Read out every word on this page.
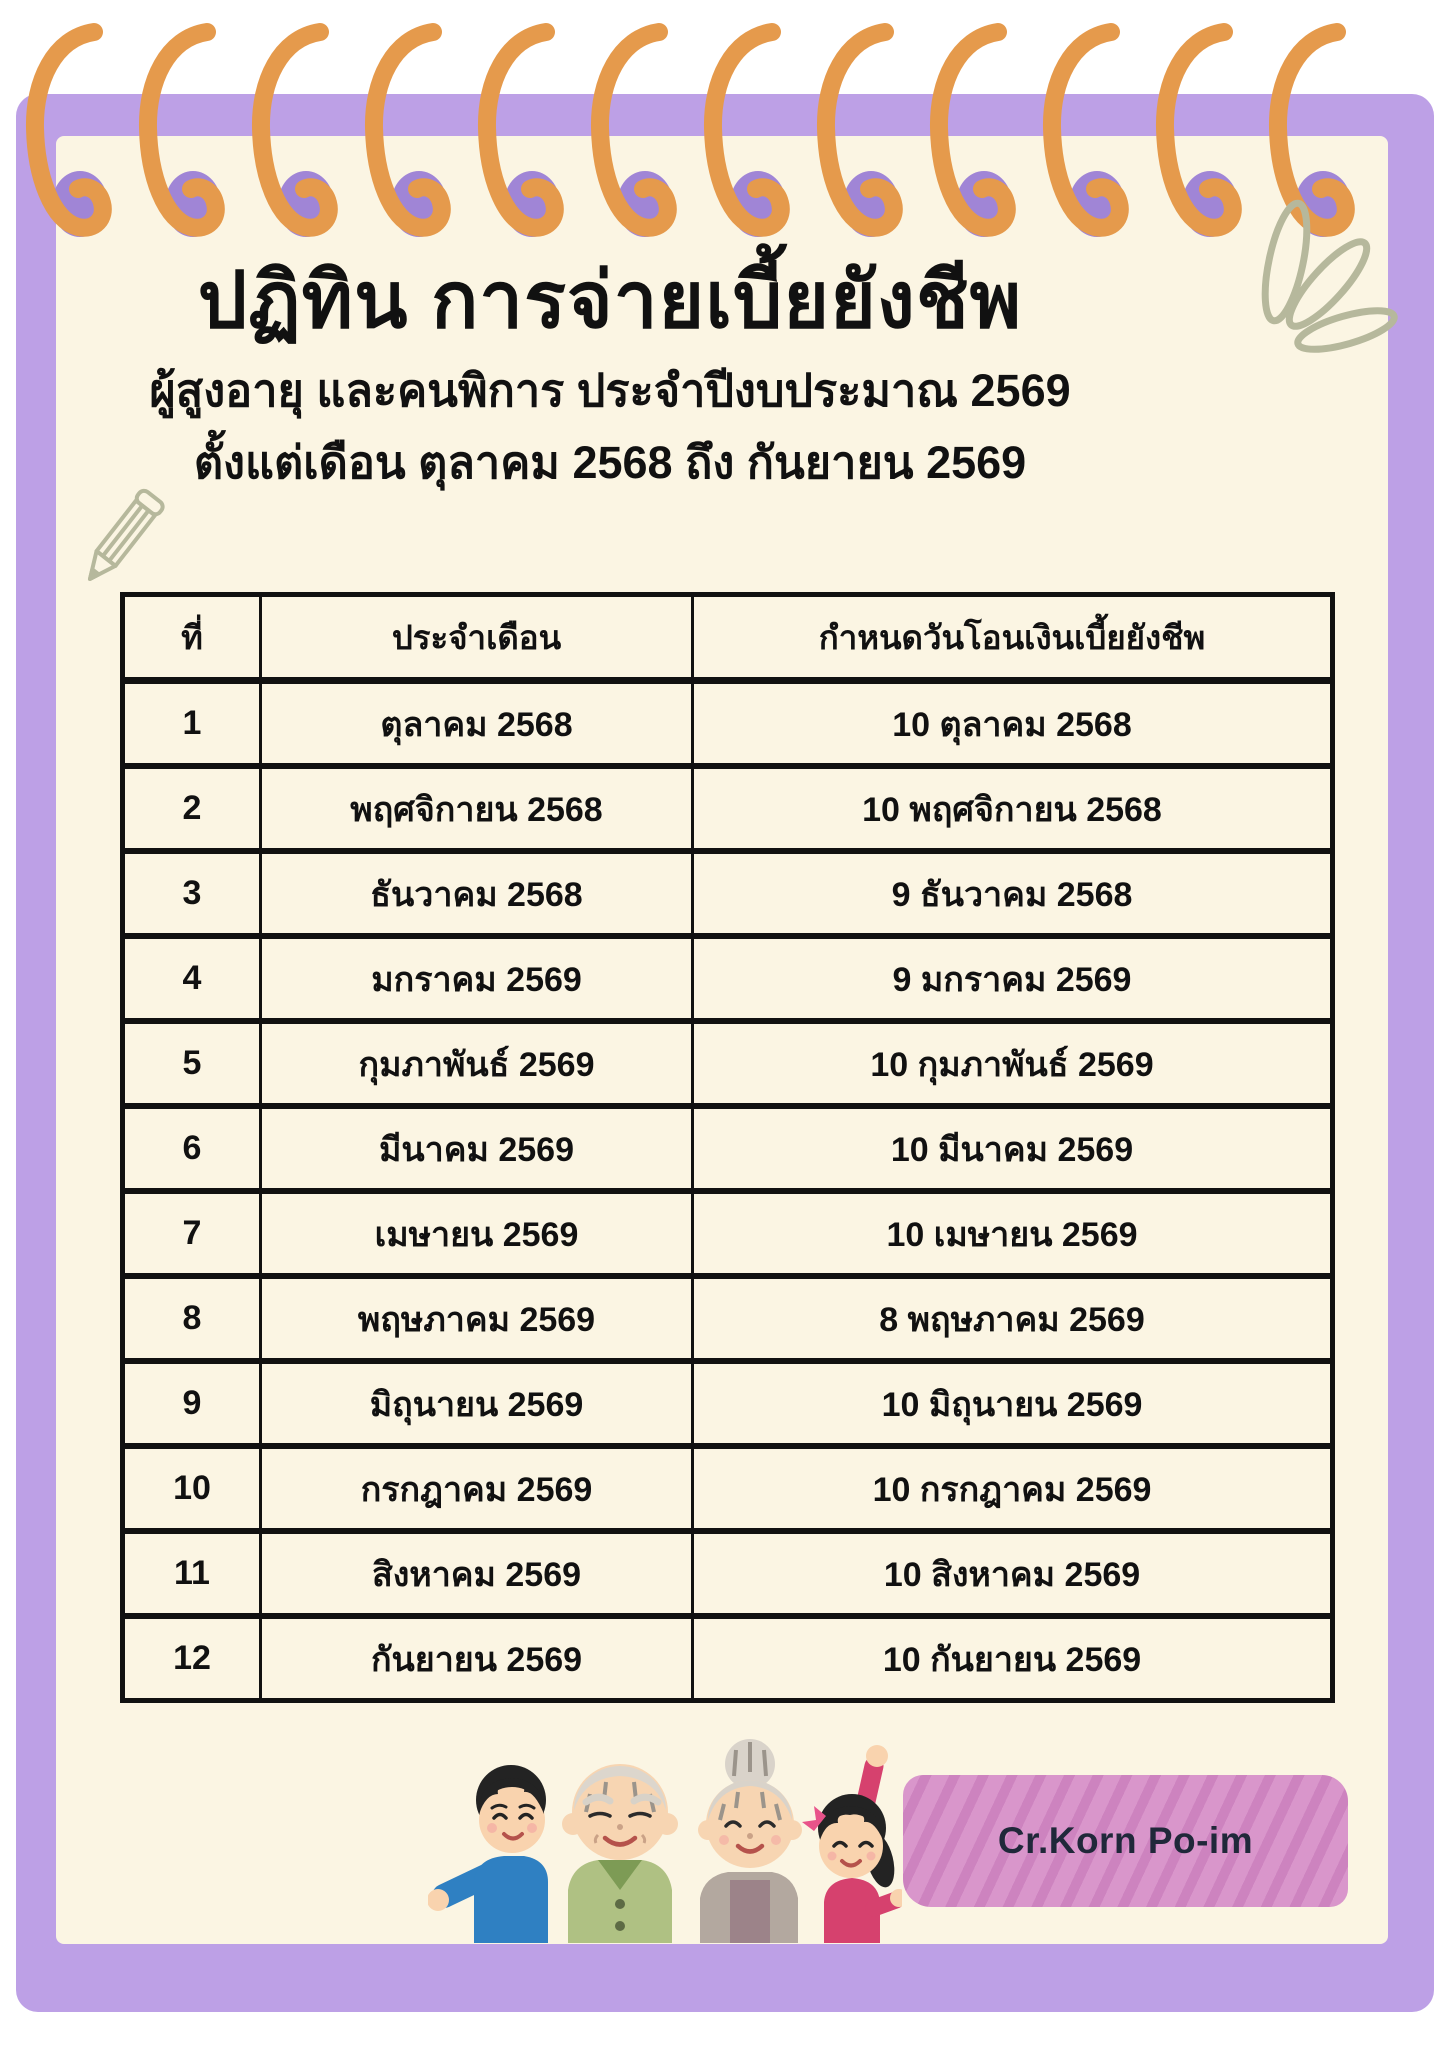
ปฏิทิน การจ่ายเบี้ยยังชีพ
ผู้สูงอายุ และคนพิการ ประจำปีงบประมาณ 2569
ตั้งแต่เดือน ตุลาคม 2568 ถึง กันยายน 2569
ที่	ประจำเดือน	กำหนดวันโอนเงินเบี้ยยังชีพ
1	ตุลาคม 2568	10 ตุลาคม 2568
2	พฤศจิกายน 2568	10 พฤศจิกายน 2568
3	ธันวาคม 2568	9 ธันวาคม 2568
4	มกราคม 2569	9 มกราคม 2569
5	กุมภาพันธ์ 2569	10 กุมภาพันธ์ 2569
6	มีนาคม 2569	10 มีนาคม 2569
7	เมษายน 2569	10 เมษายน 2569
8	พฤษภาคม 2569	8 พฤษภาคม 2569
9	มิถุนายน 2569	10 มิถุนายน 2569
10	กรกฎาคม 2569	10 กรกฎาคม 2569
11	สิงหาคม 2569	10 สิงหาคม 2569
12	กันยายน 2569	10 กันยายน 2569
Cr.Korn Po-im
